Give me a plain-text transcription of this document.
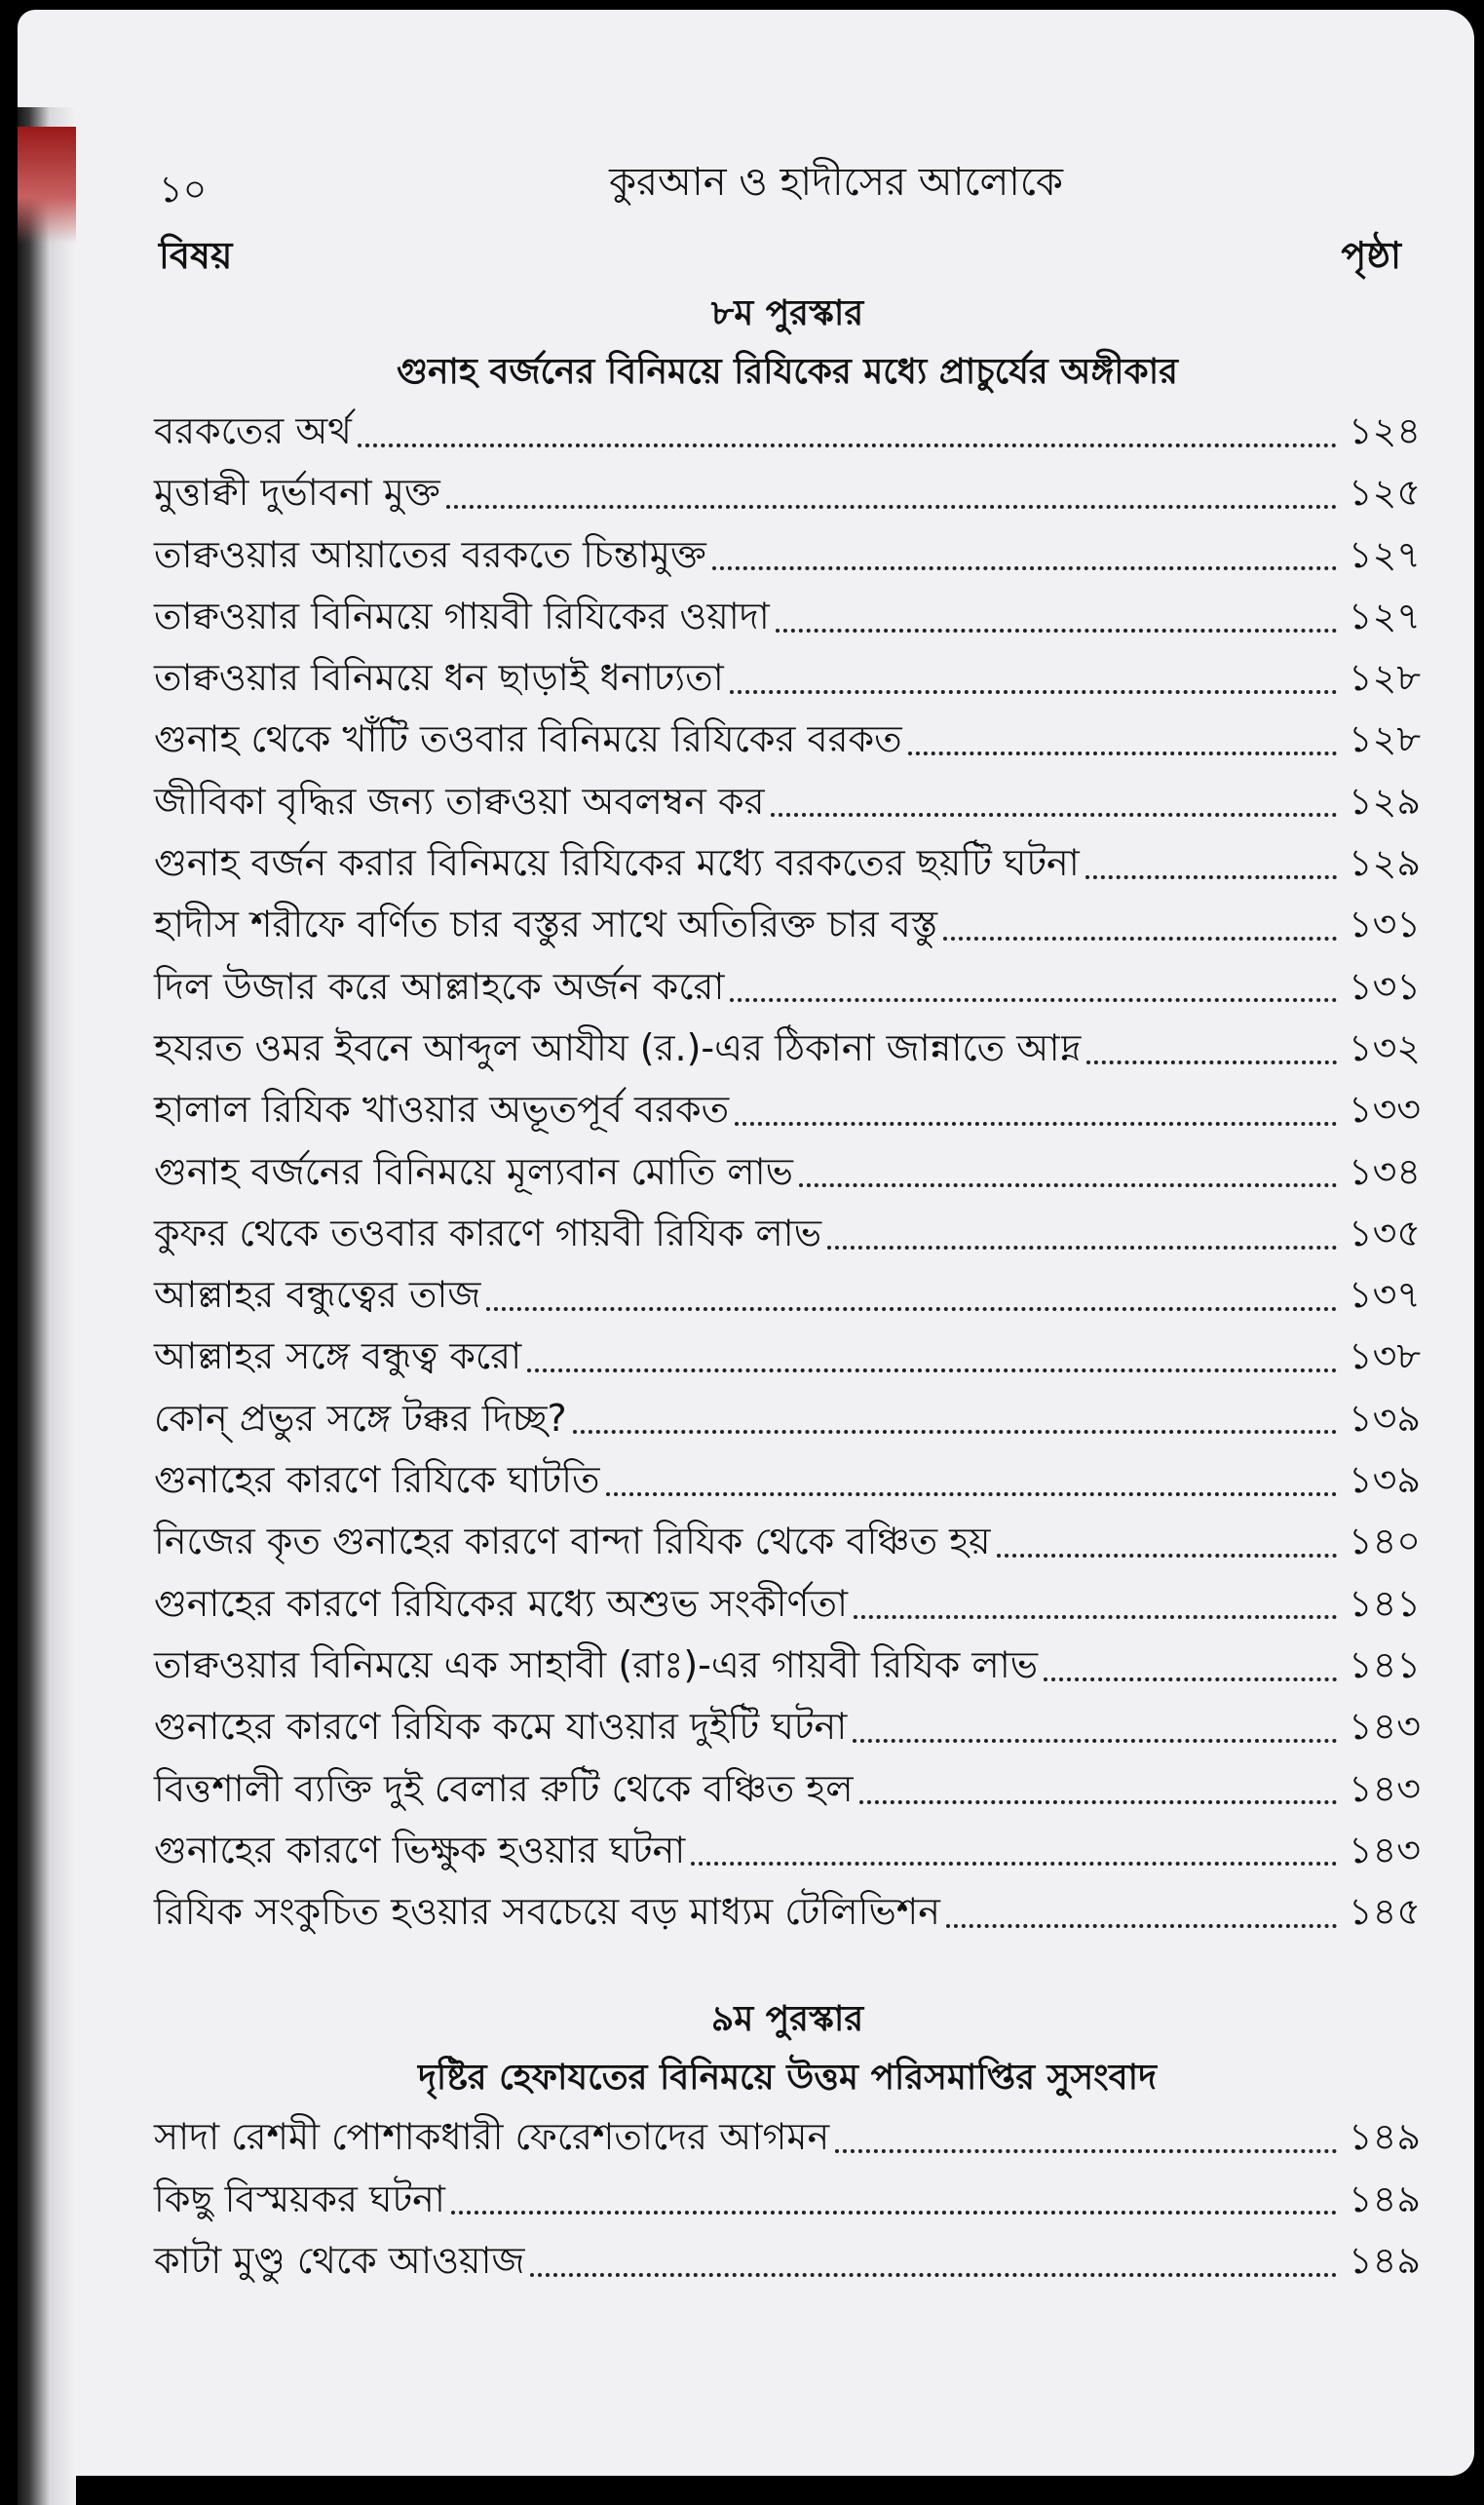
১০	কুরআন ও হাদীসের আলোকে
বিষয়	পৃষ্ঠা
৮ম পুরস্কার
গুনাহ বর্জনের বিনিময়ে রিযিকের মধ্যে প্রাচুর্যের অঙ্গীকার
বরকতের অর্থ	১২৪
মুত্তাক্বী দুর্ভাবনা মুক্ত	১২৫
তাক্বওয়ার আয়াতের বরকতে চিন্তামুক্ত	১২৭
তাক্বওয়ার বিনিময়ে গায়বী রিযিকের ওয়াদা	১২৭
তাক্বওয়ার বিনিময়ে ধন ছাড়াই ধনাঢ্যতা	১২৮
গুনাহ থেকে খাঁটি তওবার বিনিময়ে রিযিকের বরকত	১২৮
জীবিকা বৃদ্ধির জন্য তাক্বওয়া অবলম্বন কর	১২৯
গুনাহ বর্জন করার বিনিময়ে রিযিকের মধ্যে বরকতের ছয়টি ঘটনা	১২৯
হাদীস শরীফে বর্ণিত চার বস্তুর সাথে অতিরিক্ত চার বস্তু	১৩১
দিল উজার করে আল্লাহকে অর্জন করো	১৩১
হযরত ওমর ইবনে আব্দুল আযীয (র.)-এর ঠিকানা জান্নাতে আদ্ন	১৩২
হালাল রিযিক খাওয়ার অভূতপূর্ব বরকত	১৩৩
গুনাহ বর্জনের বিনিময়ে মূল্যবান মোতি লাভ	১৩৪
কুফর থেকে তওবার কারণে গায়বী রিযিক লাভ	১৩৫
আল্লাহর বন্ধুত্বের তাজ	১৩৭
আল্লাহর সঙ্গে বন্ধুত্ব করো	১৩৮
কোন্ প্রভুর সঙ্গে টক্কর দিচ্ছ?	১৩৯
গুনাহের কারণে রিযিকে ঘাটতি	১৩৯
নিজের কৃত গুনাহের কারণে বান্দা রিযিক থেকে বঞ্চিত হয়	১৪০
গুনাহের কারণে রিযিকের মধ্যে অশুভ সংকীর্ণতা	১৪১
তাক্বওয়ার বিনিময়ে এক সাহাবী (রাঃ)-এর গায়বী রিযিক লাভ	১৪১
গুনাহের কারণে রিযিক কমে যাওয়ার দুইটি ঘটনা	১৪৩
বিত্তশালী ব্যক্তি দুই বেলার রুটি থেকে বঞ্চিত হল	১৪৩
গুনাহের কারণে ভিক্ষুক হওয়ার ঘটনা	১৪৩
রিযিক সংকুচিত হওয়ার সবচেয়ে বড় মাধ্যম টেলিভিশন	১৪৫
৯ম পুরস্কার
দৃষ্টির হেফাযতের বিনিময়ে উত্তম পরিসমাপ্তির সুসংবাদ
সাদা রেশমী পোশাকধারী ফেরেশতাদের আগমন	১৪৯
কিছু বিস্ময়কর ঘটনা	১৪৯
কাটা মুণ্ডু থেকে আওয়াজ	১৪৯
